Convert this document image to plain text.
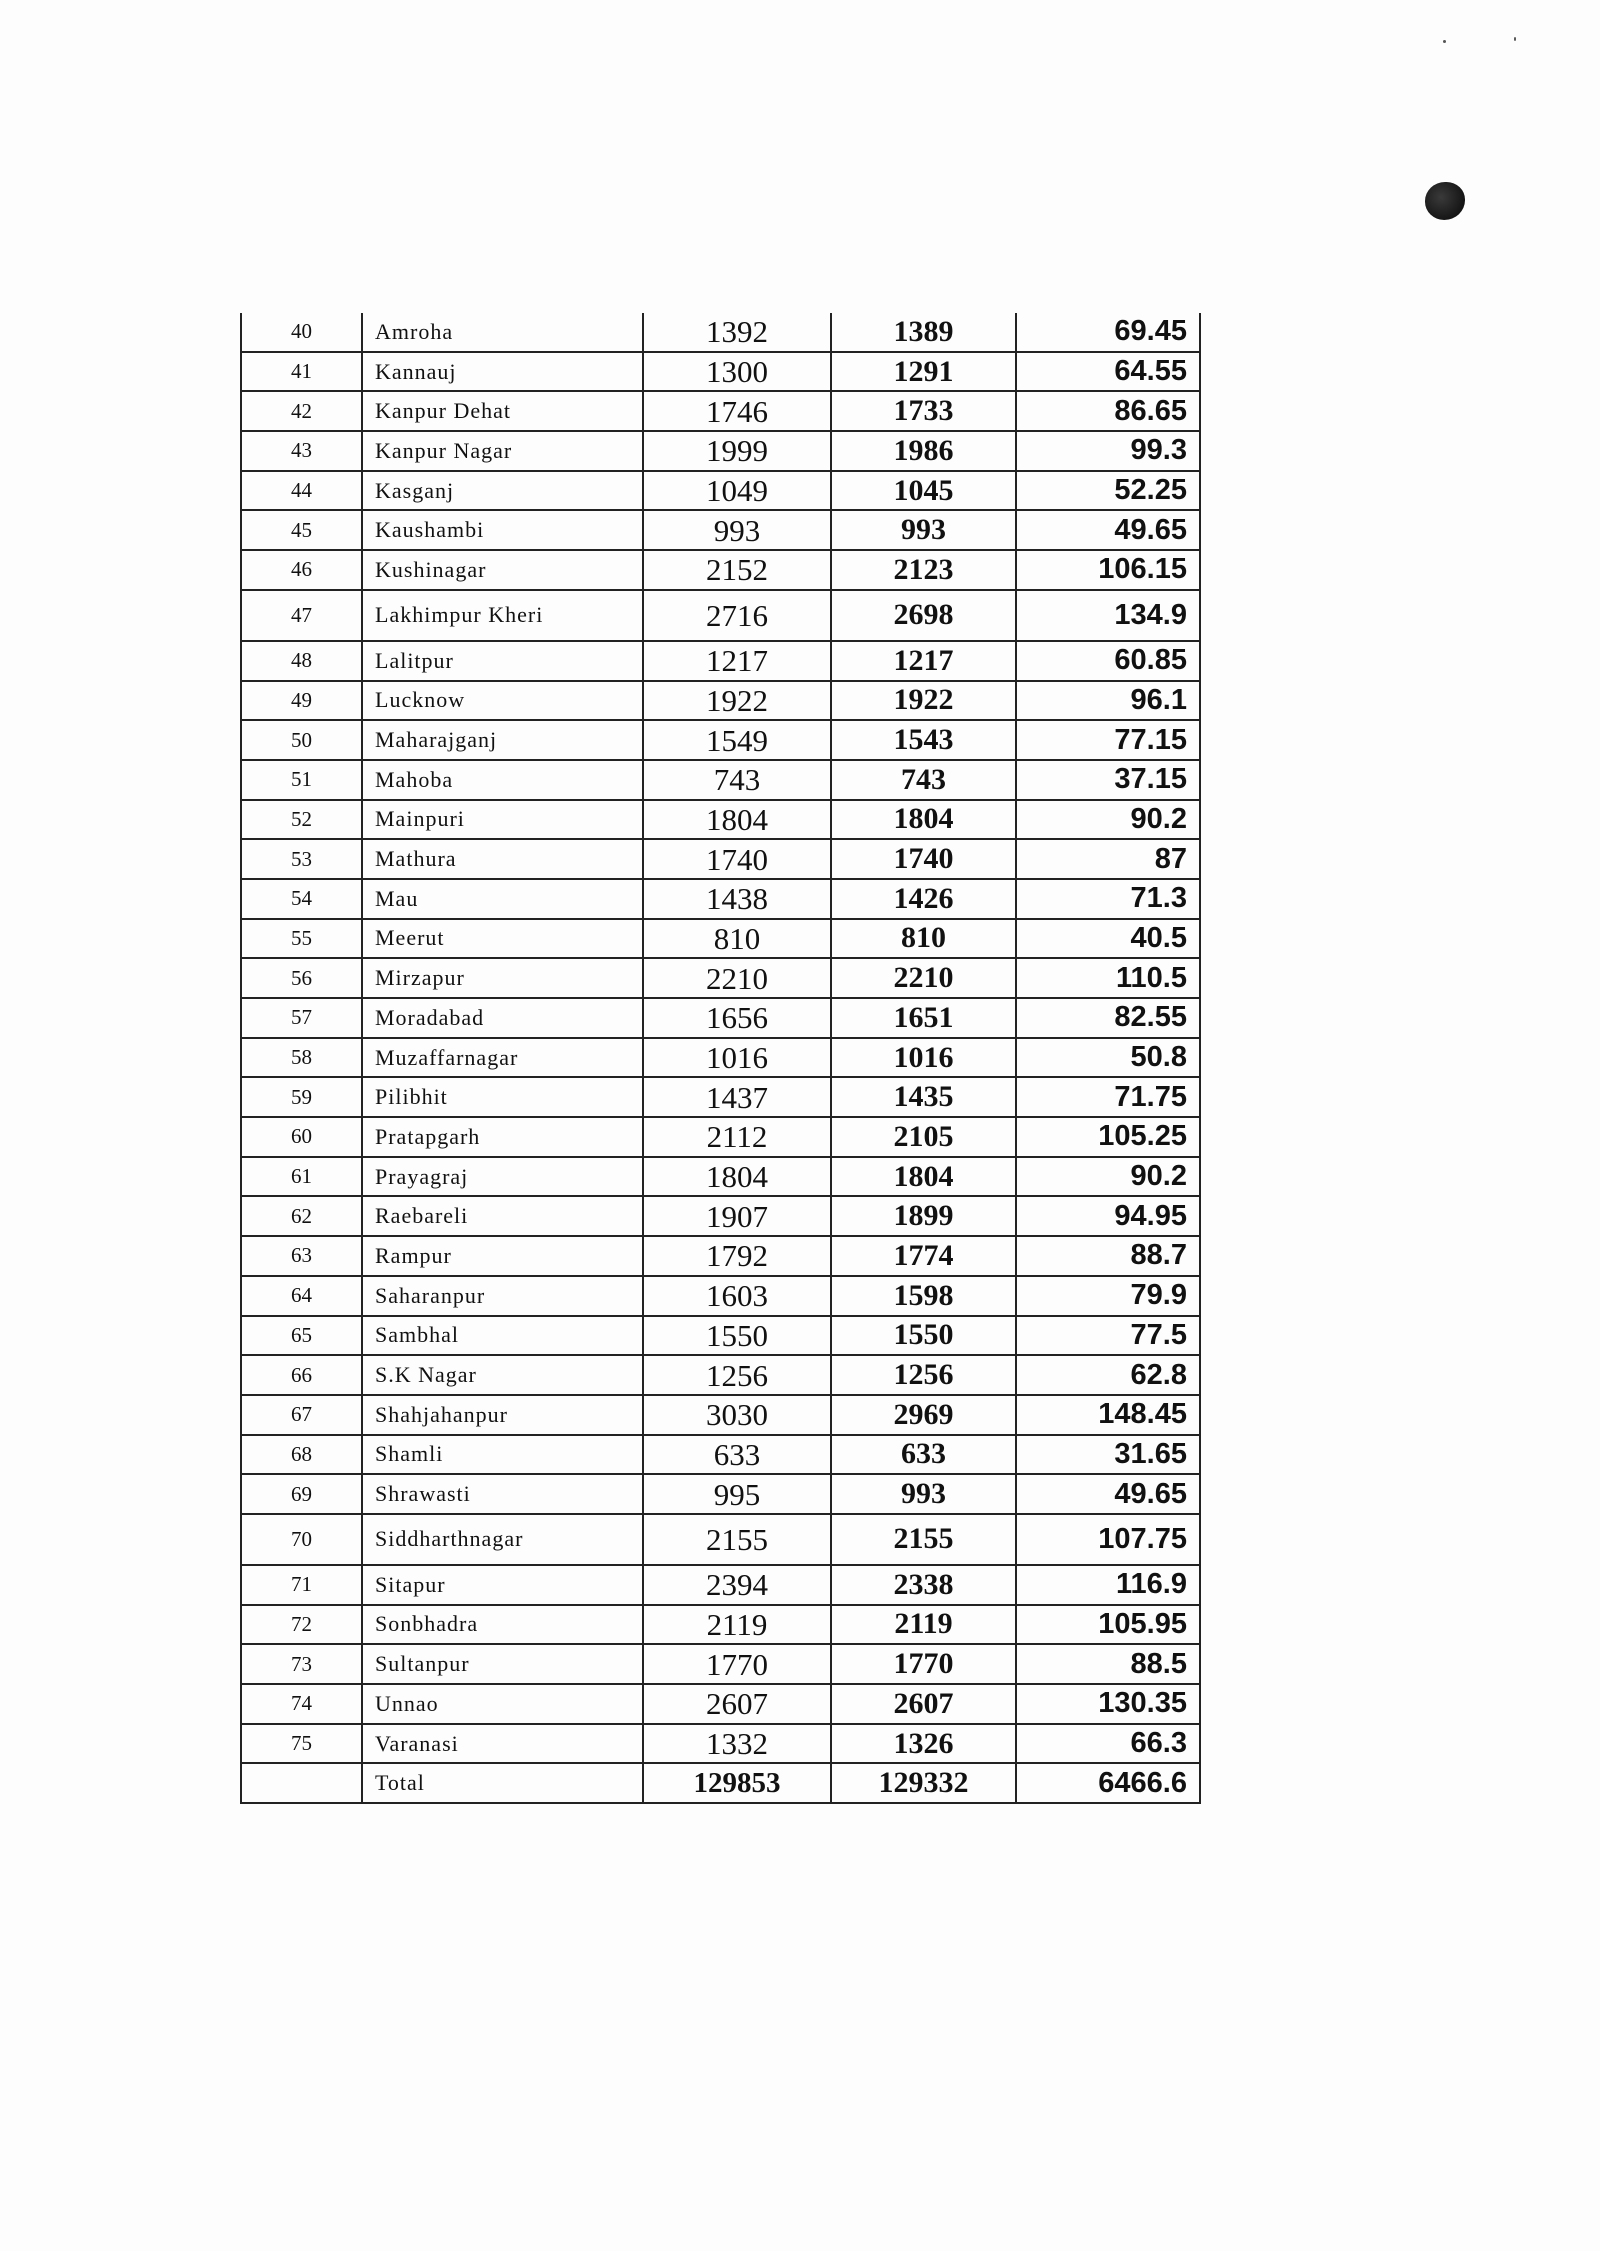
40	Amroha	1392	1389	69.45
41	Kannauj	1300	1291	64.55
42	Kanpur Dehat	1746	1733	86.65
43	Kanpur Nagar	1999	1986	99.3
44	Kasganj	1049	1045	52.25
45	Kaushambi	993	993	49.65
46	Kushinagar	2152	2123	106.15
47	Lakhimpur Kheri	2716	2698	134.9
48	Lalitpur	1217	1217	60.85
49	Lucknow	1922	1922	96.1
50	Maharajganj	1549	1543	77.15
51	Mahoba	743	743	37.15
52	Mainpuri	1804	1804	90.2
53	Mathura	1740	1740	87
54	Mau	1438	1426	71.3
55	Meerut	810	810	40.5
56	Mirzapur	2210	2210	110.5
57	Moradabad	1656	1651	82.55
58	Muzaffarnagar	1016	1016	50.8
59	Pilibhit	1437	1435	71.75
60	Pratapgarh	2112	2105	105.25
61	Prayagraj	1804	1804	90.2
62	Raebareli	1907	1899	94.95
63	Rampur	1792	1774	88.7
64	Saharanpur	1603	1598	79.9
65	Sambhal	1550	1550	77.5
66	S.K Nagar	1256	1256	62.8
67	Shahjahanpur	3030	2969	148.45
68	Shamli	633	633	31.65
69	Shrawasti	995	993	49.65
70	Siddharthnagar	2155	2155	107.75
71	Sitapur	2394	2338	116.9
72	Sonbhadra	2119	2119	105.95
73	Sultanpur	1770	1770	88.5
74	Unnao	2607	2607	130.35
75	Varanasi	1332	1326	66.3
	Total	129853	129332	6466.6
